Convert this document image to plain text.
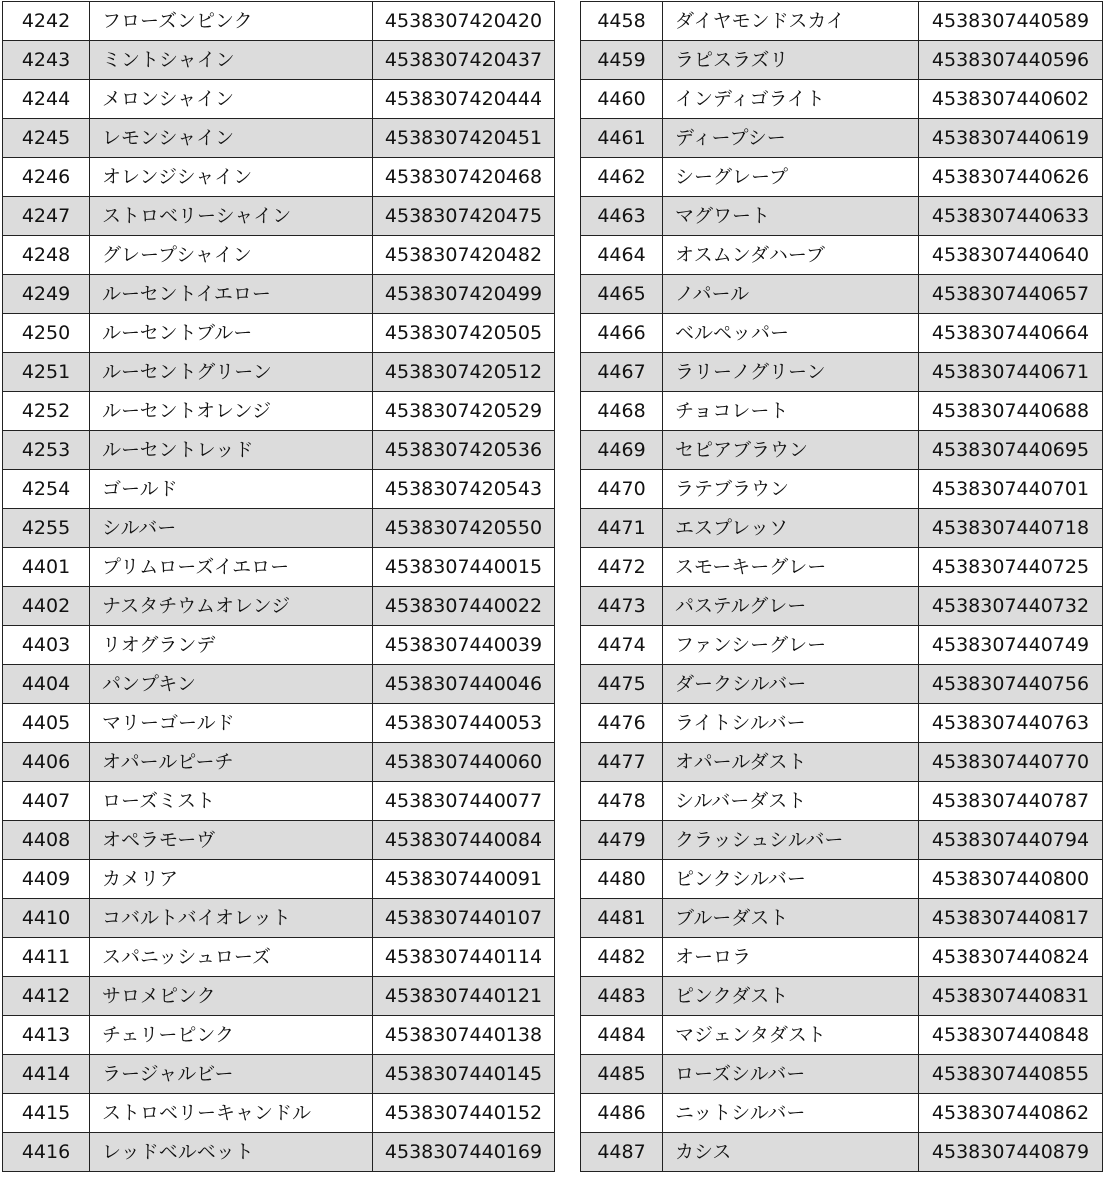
4242	フローズンピンク	4538307420420
4243	ミントシャイン	4538307420437
4244	メロンシャイン	4538307420444
4245	レモンシャイン	4538307420451
4246	オレンジシャイン	4538307420468
4247	ストロベリーシャイン	4538307420475
4248	グレープシャイン	4538307420482
4249	ルーセントイエロー	4538307420499
4250	ルーセントブルー	4538307420505
4251	ルーセントグリーン	4538307420512
4252	ルーセントオレンジ	4538307420529
4253	ルーセントレッド	4538307420536
4254	ゴールド	4538307420543
4255	シルバー	4538307420550
4401	プリムローズイエロー	4538307440015
4402	ナスタチウムオレンジ	4538307440022
4403	リオグランデ	4538307440039
4404	パンプキン	4538307440046
4405	マリーゴールド	4538307440053
4406	オパールピーチ	4538307440060
4407	ローズミスト	4538307440077
4408	オペラモーヴ	4538307440084
4409	カメリア	4538307440091
4410	コバルトバイオレット	4538307440107
4411	スパニッシュローズ	4538307440114
4412	サロメピンク	4538307440121
4413	チェリーピンク	4538307440138
4414	ラージャルビー	4538307440145
4415	ストロベリーキャンドル	4538307440152
4416	レッドベルベット	4538307440169
4458	ダイヤモンドスカイ	4538307440589
4459	ラピスラズリ	4538307440596
4460	インディゴライト	4538307440602
4461	ディープシー	4538307440619
4462	シーグレープ	4538307440626
4463	マグワート	4538307440633
4464	オスムンダハーブ	4538307440640
4465	ノパール	4538307440657
4466	ベルペッパー	4538307440664
4467	ラリーノグリーン	4538307440671
4468	チョコレート	4538307440688
4469	セピアブラウン	4538307440695
4470	ラテブラウン	4538307440701
4471	エスプレッソ	4538307440718
4472	スモーキーグレー	4538307440725
4473	パステルグレー	4538307440732
4474	ファンシーグレー	4538307440749
4475	ダークシルバー	4538307440756
4476	ライトシルバー	4538307440763
4477	オパールダスト	4538307440770
4478	シルバーダスト	4538307440787
4479	クラッシュシルバー	4538307440794
4480	ピンクシルバー	4538307440800
4481	ブルーダスト	4538307440817
4482	オーロラ	4538307440824
4483	ピンクダスト	4538307440831
4484	マジェンタダスト	4538307440848
4485	ローズシルバー	4538307440855
4486	ニットシルバー	4538307440862
4487	カシス	4538307440879
